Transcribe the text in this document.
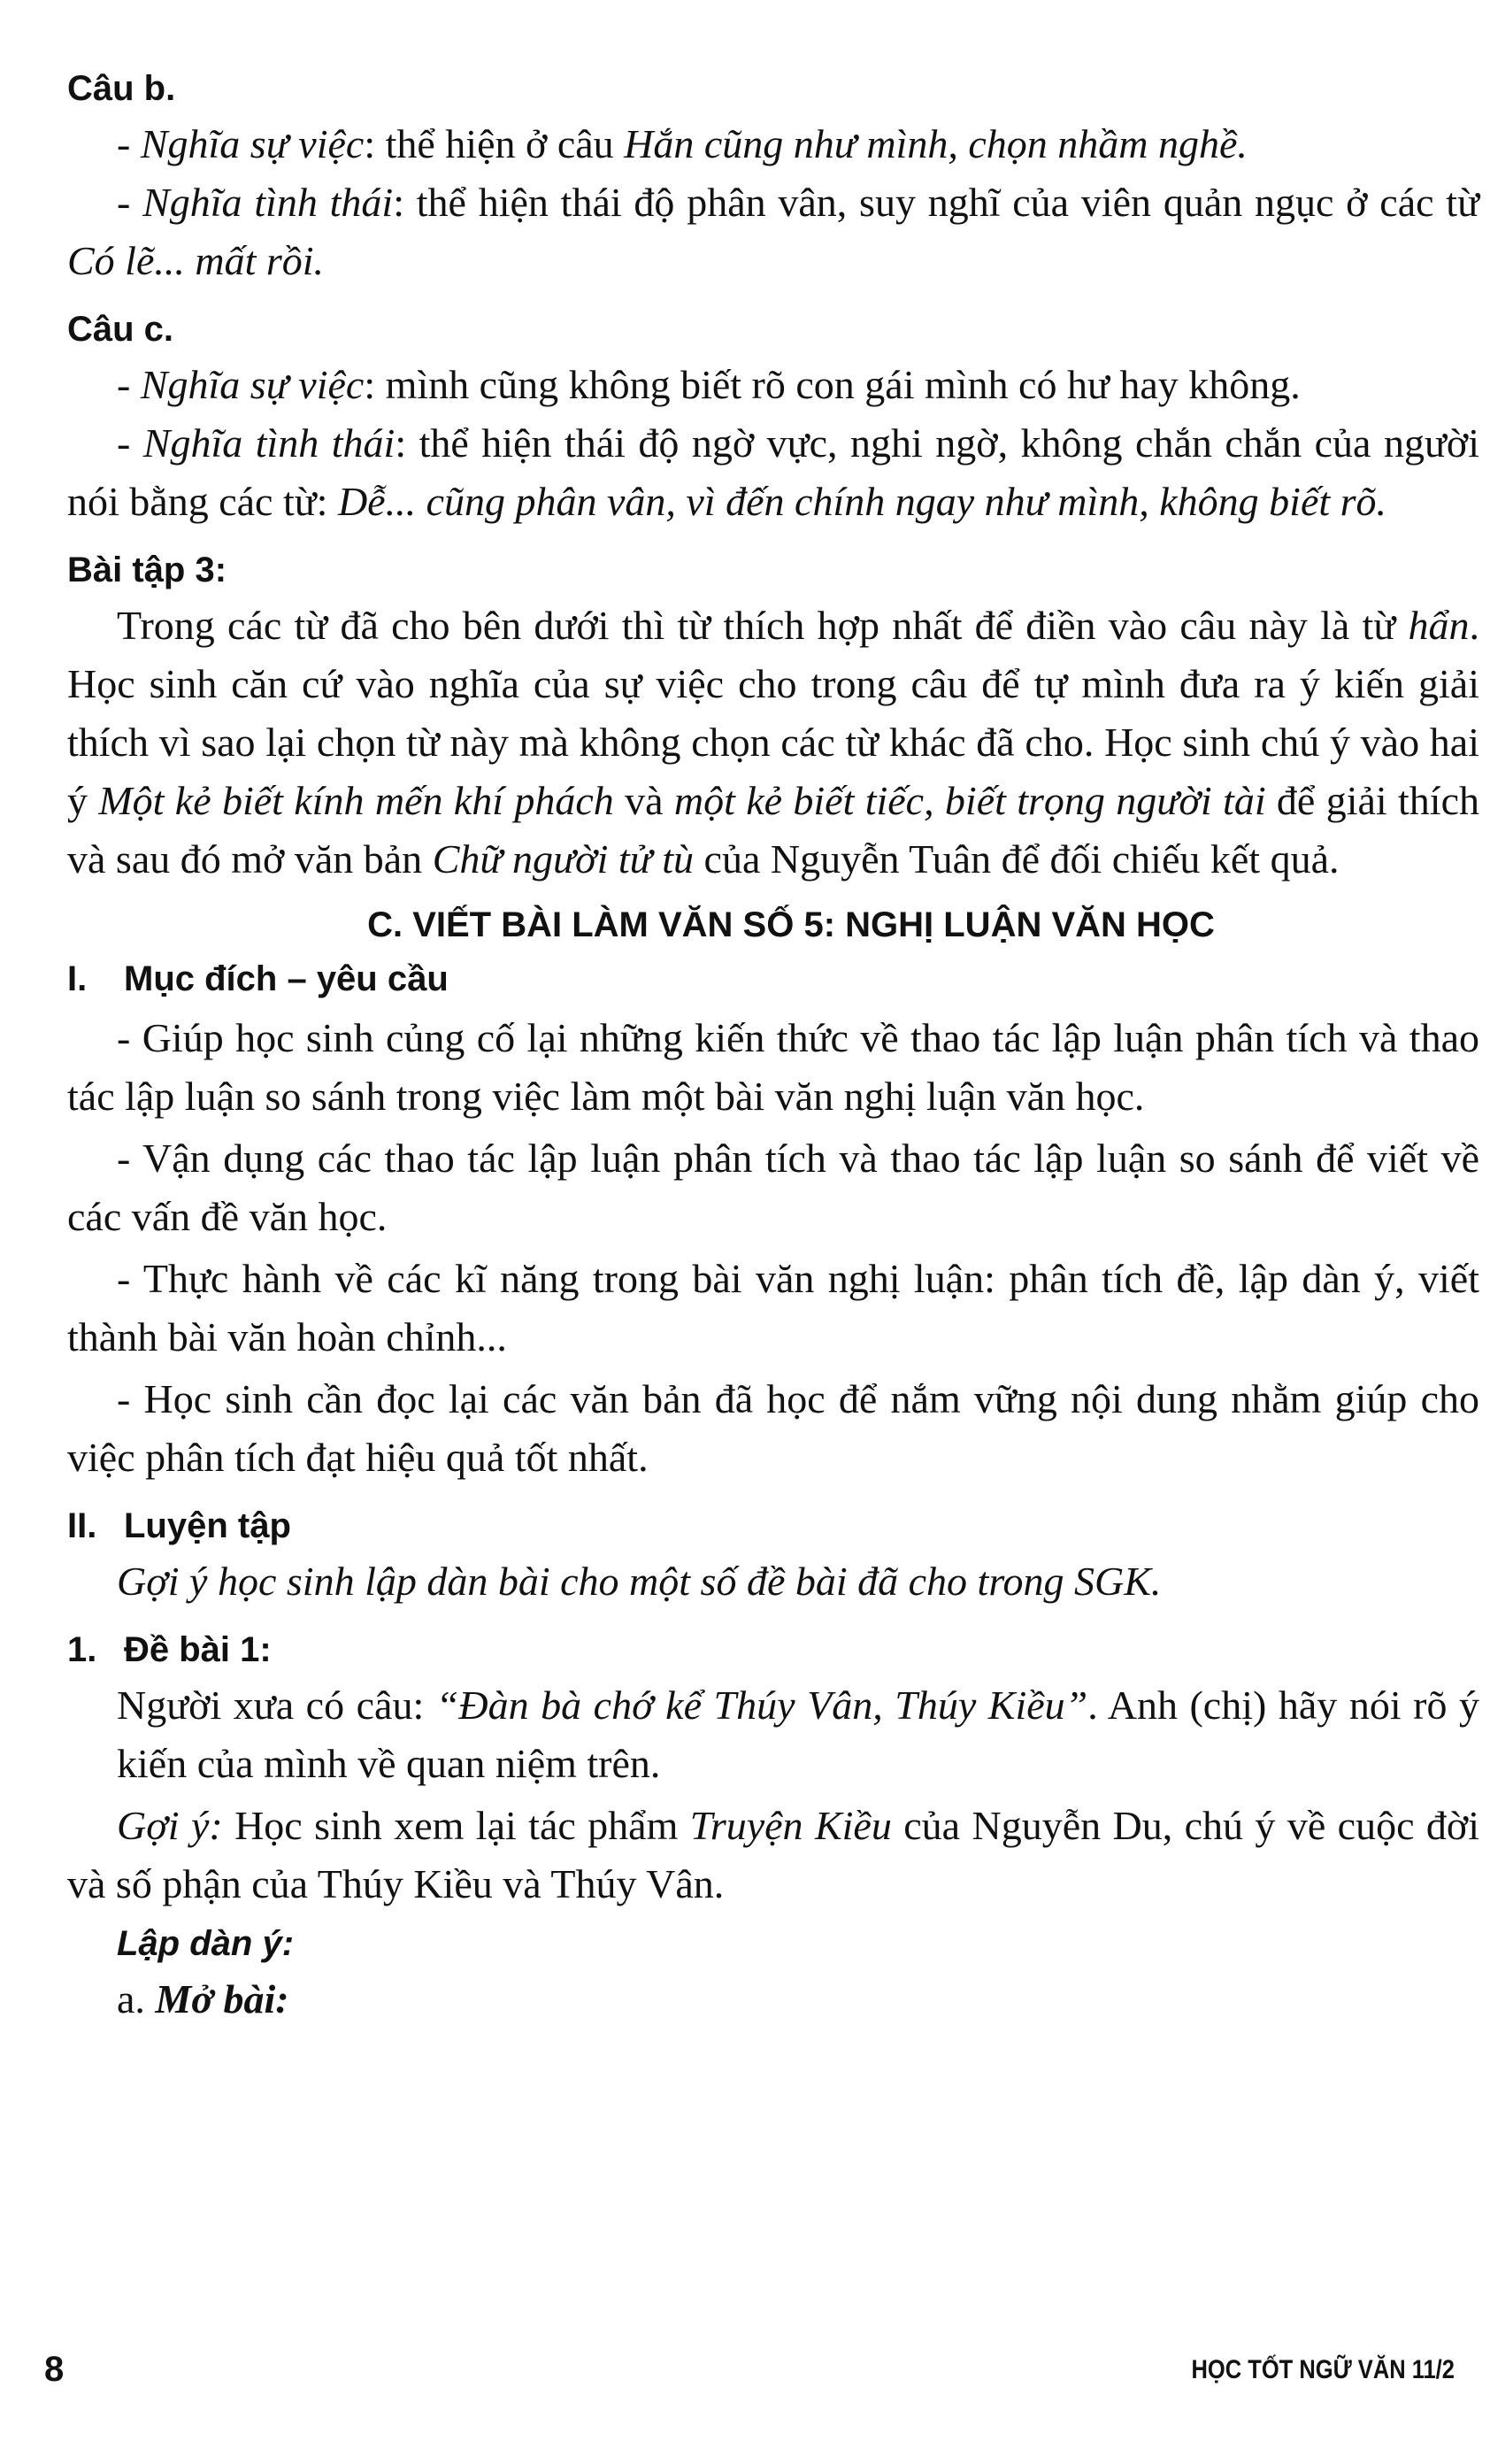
Câu b.
- Nghĩa sự việc: thể hiện ở câu Hắn cũng như mình, chọn nhầm nghề.
- Nghĩa tình thái: thể hiện thái độ phân vân, suy nghĩ của viên quản ngục ở các từ Có lẽ... mất rồi.
Câu c.
- Nghĩa sự việc: mình cũng không biết rõ con gái mình có hư hay không.
- Nghĩa tình thái: thể hiện thái độ ngờ vực, nghi ngờ, không chắn chắn của người nói bằng các từ: Dễ... cũng phân vân, vì đến chính ngay như mình, không biết rõ.
Bài tập 3:
Trong các từ đã cho bên dưới thì từ thích hợp nhất để điền vào câu này là từ hẩn. Học sinh căn cứ vào nghĩa của sự việc cho trong câu để tự mình đưa ra ý kiến giải thích vì sao lại chọn từ này mà không chọn các từ khác đã cho. Học sinh chú ý vào hai ý Một kẻ biết kính mến khí phách và một kẻ biết tiếc, biết trọng người tài để giải thích và sau đó mở văn bản Chữ người tử tù của Nguyễn Tuân để đối chiếu kết quả.
C. VIẾT BÀI LÀM VĂN SỐ 5: NGHỊ LUẬN VĂN HỌC
I. Mục đích – yêu cầu
- Giúp học sinh củng cố lại những kiến thức về thao tác lập luận phân tích và thao tác lập luận so sánh trong việc làm một bài văn nghị luận văn học.
- Vận dụng các thao tác lập luận phân tích và thao tác lập luận so sánh để viết về các vấn đề văn học.
- Thực hành về các kĩ năng trong bài văn nghị luận: phân tích đề, lập dàn ý, viết thành bài văn hoàn chỉnh...
- Học sinh cần đọc lại các văn bản đã học để nắm vững nội dung nhằm giúp cho việc phân tích đạt hiệu quả tốt nhất.
II. Luyện tập
Gợi ý học sinh lập dàn bài cho một số đề bài đã cho trong SGK.
1. Đề bài 1:
Người xưa có câu: “Đàn bà chớ kể Thúy Vân, Thúy Kiều”. Anh (chị) hãy nói rõ ý kiến của mình về quan niệm trên.
Gợi ý: Học sinh xem lại tác phẩm Truyện Kiều của Nguyễn Du, chú ý về cuộc đời và số phận của Thúy Kiều và Thúy Vân.
Lập dàn ý:
a. Mở bài:
8	HỌC TỐT NGỮ VĂN 11/2
